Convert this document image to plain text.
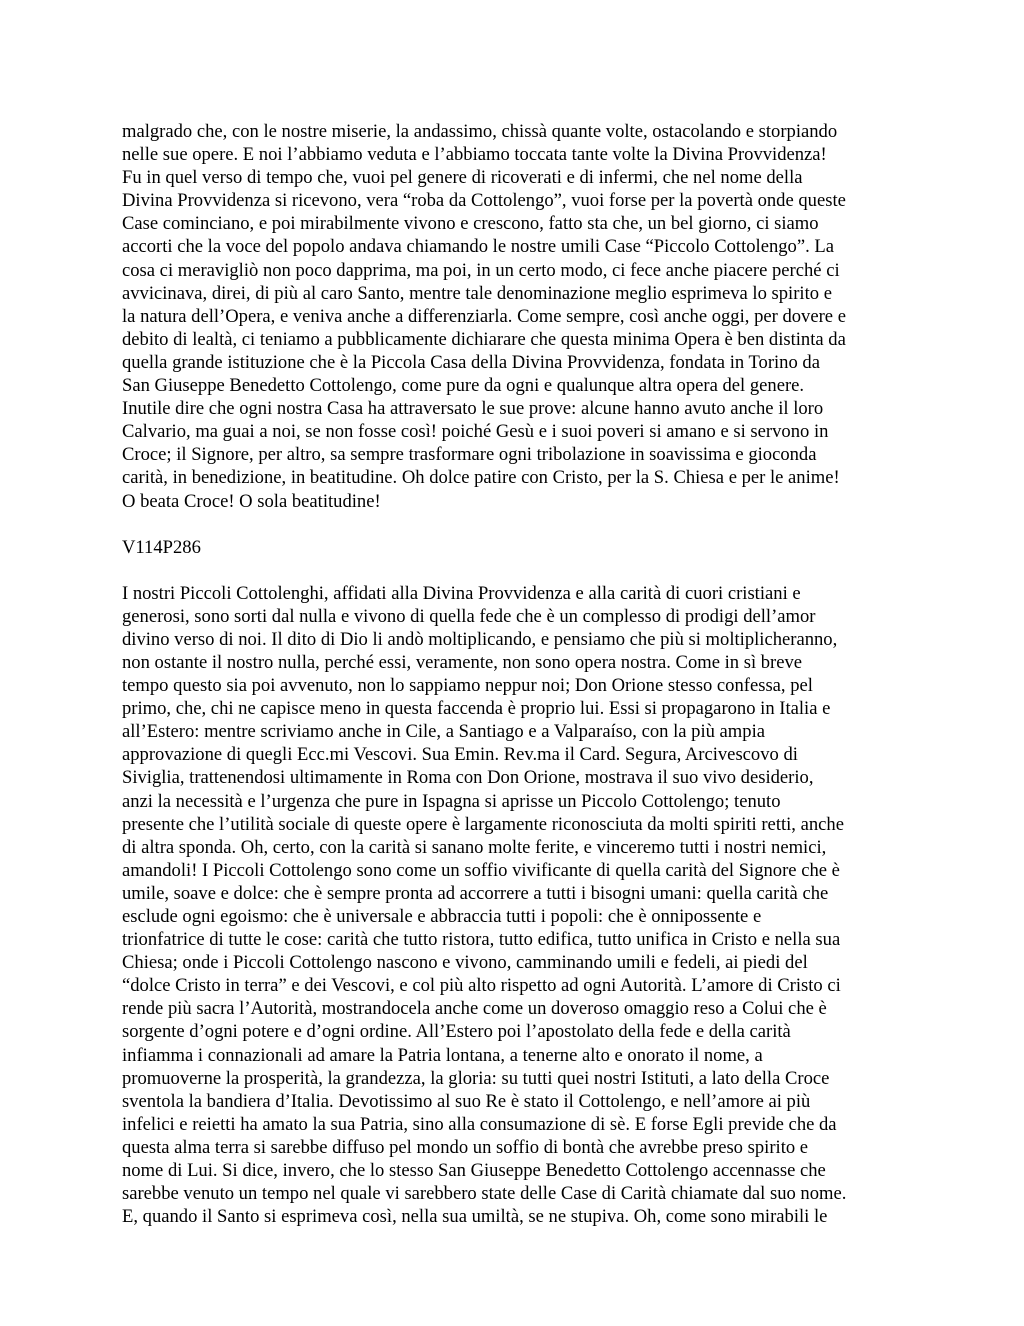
malgrado che, con le nostre miserie, la andassimo, chissà quante volte, ostacolando e storpiando
nelle sue opere. E noi l’abbiamo veduta e l’abbiamo toccata tante volte la Divina Provvidenza!
Fu in quel verso di tempo che, vuoi pel genere di ricoverati e di infermi, che nel nome della
Divina Provvidenza si ricevono, vera “roba da Cottolengo”, vuoi forse per la povertà onde queste
Case cominciano, e poi mirabilmente vivono e crescono, fatto sta che, un bel giorno, ci siamo
accorti che la voce del popolo andava chiamando le nostre umili Case “Piccolo Cottolengo”. La
cosa ci meravigliò non poco dapprima, ma poi, in un certo modo, ci fece anche piacere perché ci
avvicinava, direi, di più al caro Santo, mentre tale denominazione meglio esprimeva lo spirito e
la natura dell’Opera, e veniva anche a differenziarla. Come sempre, così anche oggi, per dovere e
debito di lealtà, ci teniamo a pubblicamente dichiarare che questa minima Opera è ben distinta da
quella grande istituzione che è la Piccola Casa della Divina Provvidenza, fondata in Torino da
San Giuseppe Benedetto Cottolengo, come pure da ogni e qualunque altra opera del genere.
Inutile dire che ogni nostra Casa ha attraversato le sue prove: alcune hanno avuto anche il loro
Calvario, ma guai a noi, se non fosse così! poiché Gesù e i suoi poveri si amano e si servono in
Croce; il Signore, per altro, sa sempre trasformare ogni tribolazione in soavissima e gioconda
carità, in benedizione, in beatitudine. Oh dolce patire con Cristo, per la S. Chiesa e per le anime!
O beata Croce! O sola beatitudine!

V114P286

I nostri Piccoli Cottolenghi, affidati alla Divina Provvidenza e alla carità di cuori cristiani e
generosi, sono sorti dal nulla e vivono di quella fede che è un complesso di prodigi dell’amor
divino verso di noi. Il dito di Dio li andò moltiplicando, e pensiamo che più si moltiplicheranno,
non ostante il nostro nulla, perché essi, veramente, non sono opera nostra. Come in sì breve
tempo questo sia poi avvenuto, non lo sappiamo neppur noi; Don Orione stesso confessa, pel
primo, che, chi ne capisce meno in questa faccenda è proprio lui. Essi si propagarono in Italia e
all’Estero: mentre scriviamo anche in Cile, a Santiago e a Valparaíso, con la più ampia
approvazione di quegli Ecc.mi Vescovi. Sua Emin. Rev.ma il Card. Segura, Arcivescovo di
Siviglia, trattenendosi ultimamente in Roma con Don Orione, mostrava il suo vivo desiderio,
anzi la necessità e l’urgenza che pure in Ispagna si aprisse un Piccolo Cottolengo; tenuto
presente che l’utilità sociale di queste opere è largamente riconosciuta da molti spiriti retti, anche
di altra sponda. Oh, certo, con la carità si sanano molte ferite, e vinceremo tutti i nostri nemici,
amandoli! I Piccoli Cottolengo sono come un soffio vivificante di quella carità del Signore che è
umile, soave e dolce: che è sempre pronta ad accorrere a tutti i bisogni umani: quella carità che
esclude ogni egoismo: che è universale e abbraccia tutti i popoli: che è onnipossente e
trionfatrice di tutte le cose: carità che tutto ristora, tutto edifica, tutto unifica in Cristo e nella sua
Chiesa; onde i Piccoli Cottolengo nascono e vivono, camminando umili e fedeli, ai piedi del
“dolce Cristo in terra” e dei Vescovi, e col più alto rispetto ad ogni Autorità. L’amore di Cristo ci
rende più sacra l’Autorità, mostrandocela anche come un doveroso omaggio reso a Colui che è
sorgente d’ogni potere e d’ogni ordine. All’Estero poi l’apostolato della fede e della carità
infiamma i connazionali ad amare la Patria lontana, a tenerne alto e onorato il nome, a
promuoverne la prosperità, la grandezza, la gloria: su tutti quei nostri Istituti, a lato della Croce
sventola la bandiera d’Italia. Devotissimo al suo Re è stato il Cottolengo, e nell’amore ai più
infelici e reietti ha amato la sua Patria, sino alla consumazione di sè. E forse Egli previde che da
questa alma terra si sarebbe diffuso pel mondo un soffio di bontà che avrebbe preso spirito e
nome di Lui. Si dice, invero, che lo stesso San Giuseppe Benedetto Cottolengo accennasse che
sarebbe venuto un tempo nel quale vi sarebbero state delle Case di Carità chiamate dal suo nome.
E, quando il Santo si esprimeva così, nella sua umiltà, se ne stupiva. Oh, come sono mirabili le
